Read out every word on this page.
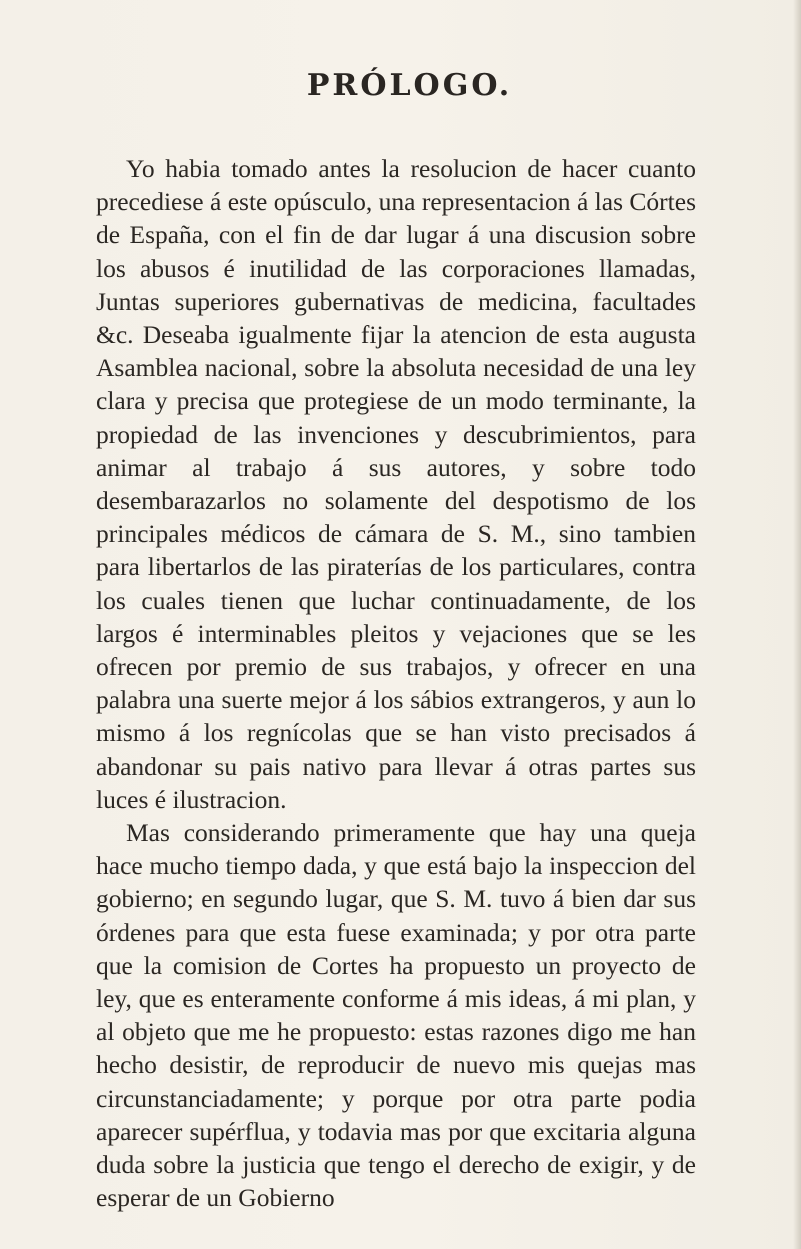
PRÓLOGO.

Yo habia tomado antes la resolucion de hacer cuanto precediese á este opúsculo, una representacion á las Córtes de España, con el fin de dar lugar á una discusion sobre los abusos é inutilidad de las corporaciones llamadas, Juntas superiores gubernativas de medicina, facultades &c. Deseaba igualmente fijar la atencion de esta augusta Asamblea nacional, sobre la absoluta necesidad de una ley clara y precisa que protegiese de un modo terminante, la propiedad de las invenciones y descubrimientos, para animar al trabajo á sus autores, y sobre todo desembarazarlos no solamente del despotismo de los principales médicos de cámara de S. M., sino tambien para libertarlos de las piraterías de los particulares, contra los cuales tienen que luchar continuadamente, de los largos é interminables pleitos y vejaciones que se les ofrecen por premio de sus trabajos, y ofrecer en una palabra una suerte mejor á los sábios extrangeros, y aun lo mismo á los regnícolas que se han visto precisados á abandonar su pais nativo para llevar á otras partes sus luces é ilustracion.

Mas considerando primeramente que hay una queja hace mucho tiempo dada, y que está bajo la inspeccion del gobierno; en segundo lugar, que S. M. tuvo á bien dar sus órdenes para que esta fuese examinada; y por otra parte que la comision de Cortes ha propuesto un proyecto de ley, que es enteramente conforme á mis ideas, á mi plan, y al objeto que me he propuesto: estas razones digo me han hecho desistir, de reproducir de nuevo mis quejas mas circunstanciadamente; y porque por otra parte podia aparecer supérflua, y todavia mas por que excitaria alguna duda sobre la justicia que tengo el derecho de exigir, y de esperar de un Gobierno
